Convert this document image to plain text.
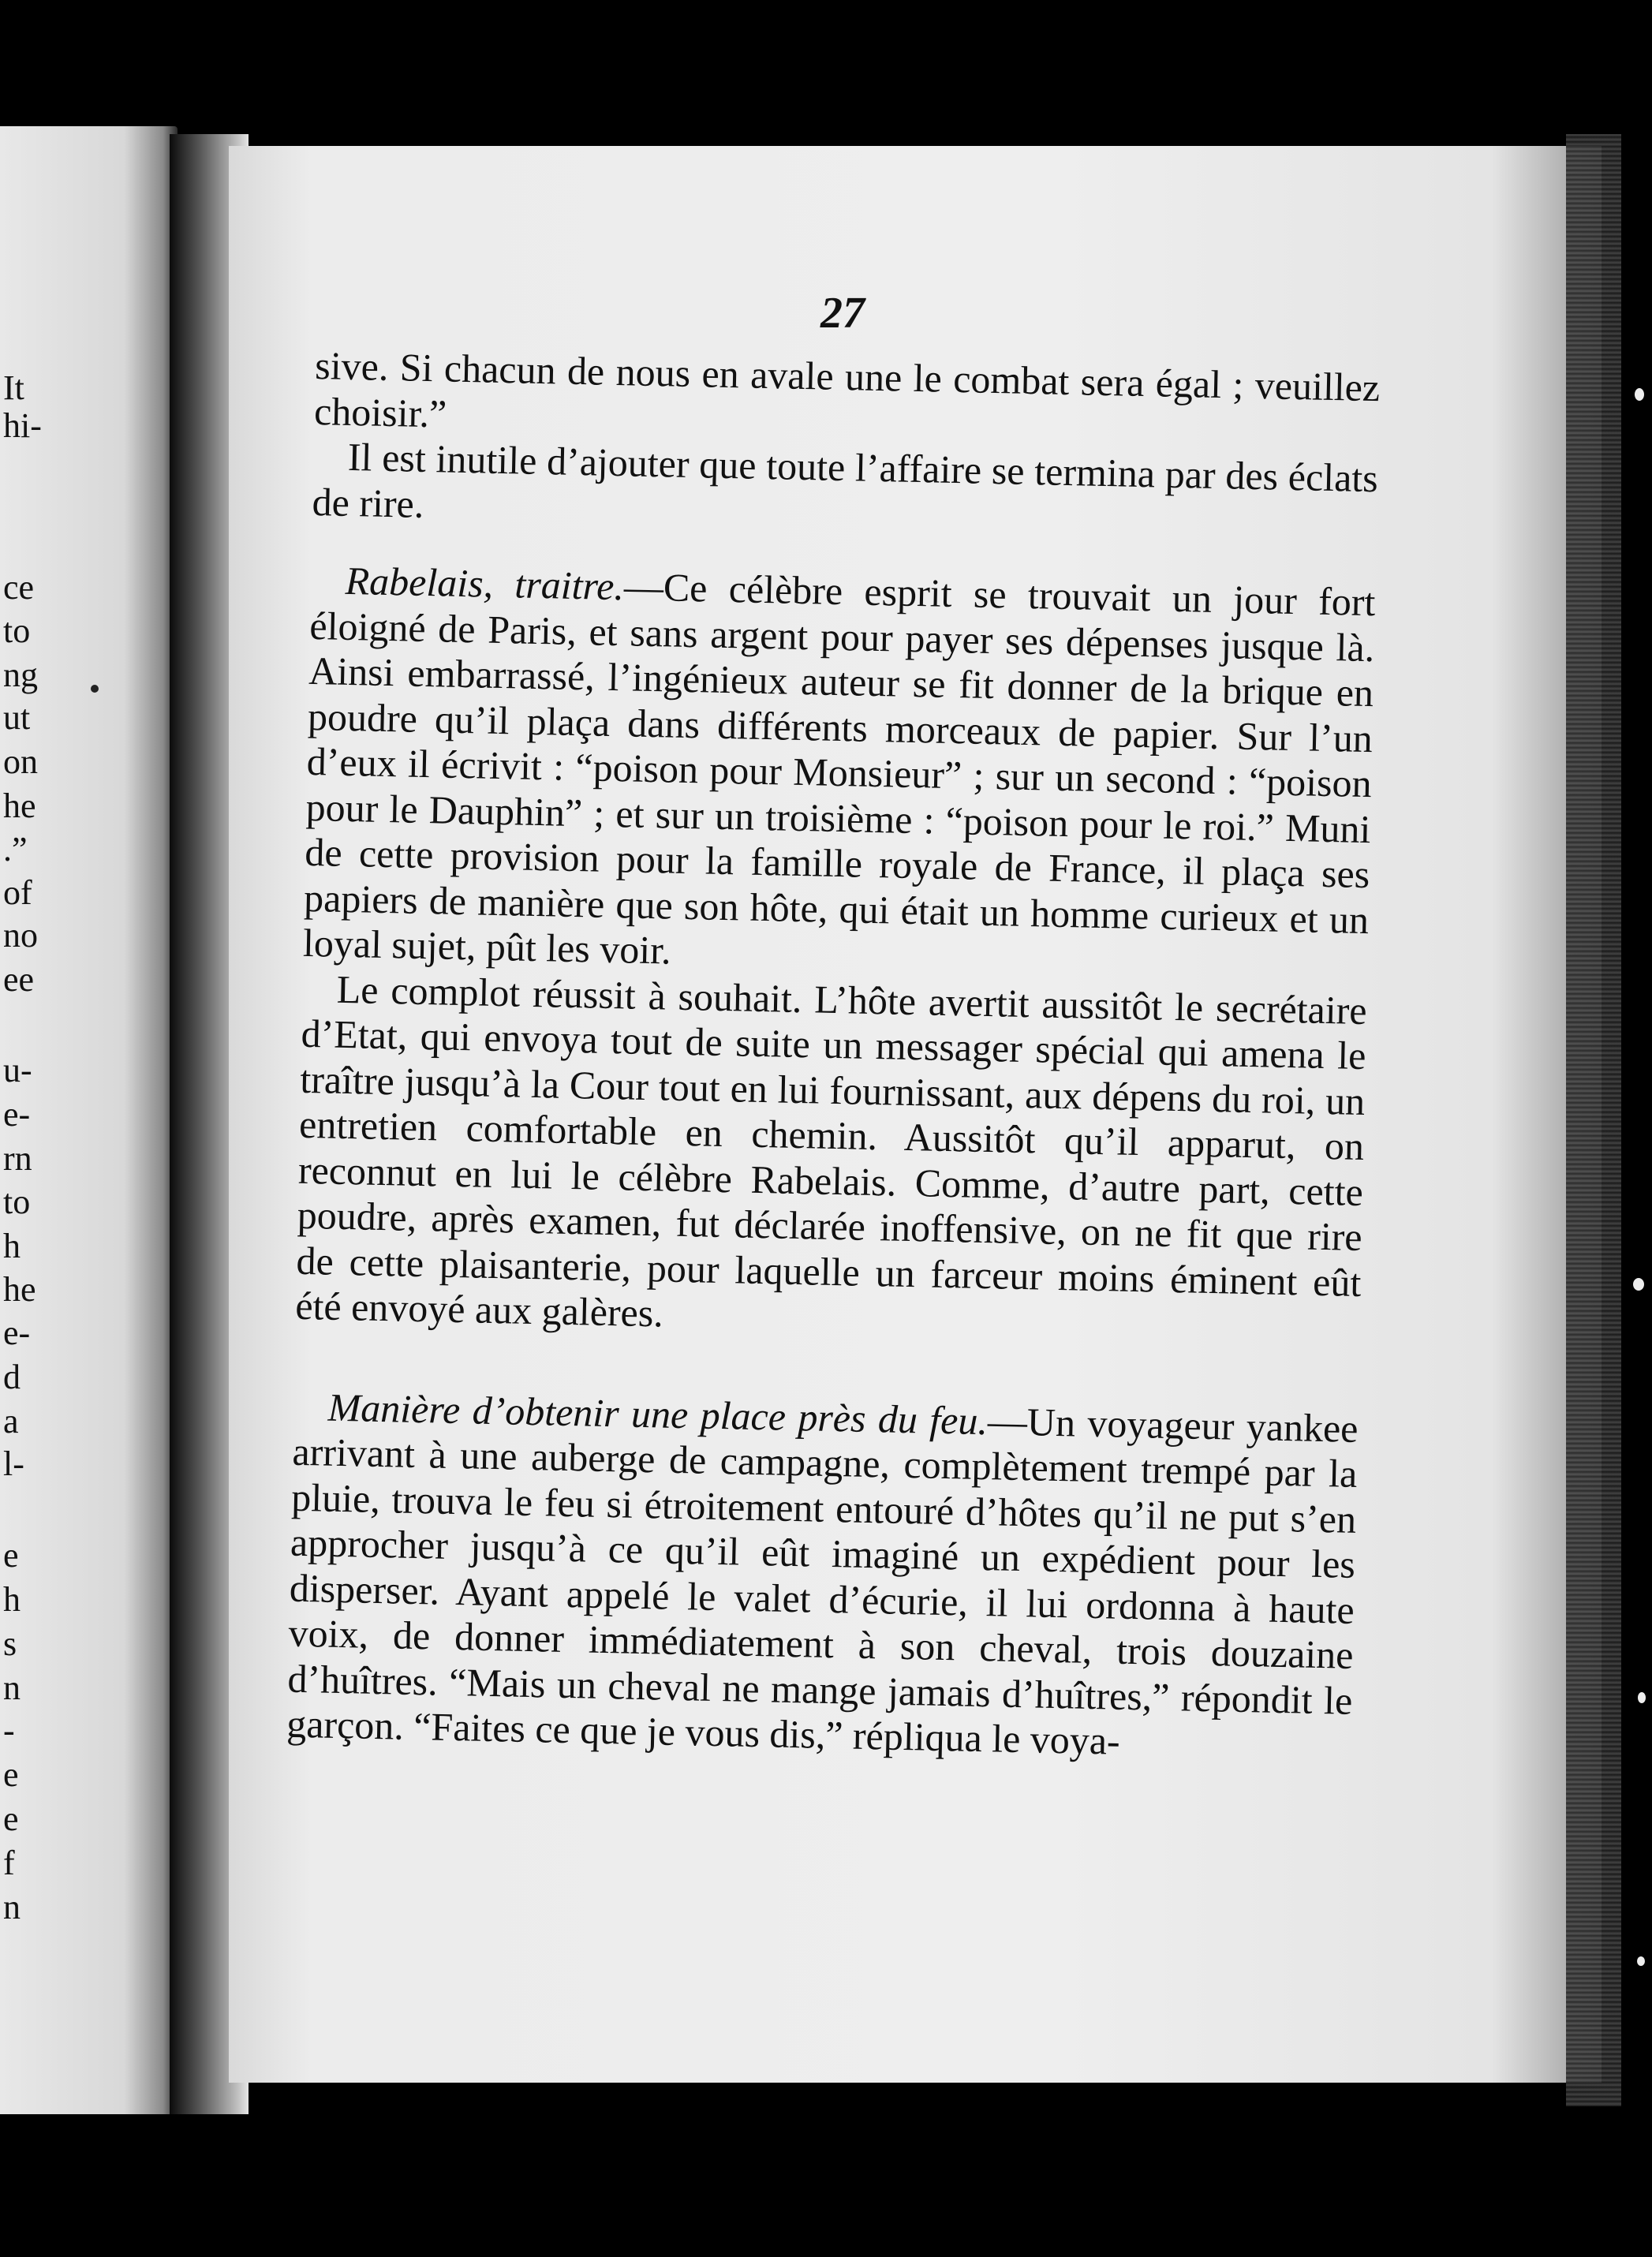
It

hi-

ce

to

ng

ut

on

he

.”

of

no

ee

u-

e-

rn

to

h

he

e-

d

a

l-

e

h

s

n

-

e

e

f

n

27

sive. Si chacun de nous en avale une le combat sera égal ; veuillez choisir.”

Il est inutile d’ajouter que toute l’affaire se termina par des éclats de rire.

Rabelais, traitre.—Ce célèbre esprit se trouvait un jour fort éloigné de Paris, et sans argent pour payer ses dépenses jusque là. Ainsi embarrassé, l’ingénieux auteur se fit donner de la brique en poudre qu’il plaça dans différents morceaux de papier. Sur l’un d’eux il écrivit : “poison pour Monsieur” ; sur un second : “poison pour le Dauphin” ; et sur un troisième : “poison pour le roi.” Muni de cette provision pour la famille royale de France, il plaça ses papiers de manière que son hôte, qui était un homme curieux et un loyal sujet, pût les voir.

Le complot réussit à souhait. L’hôte avertit aussitôt le secrétaire d’Etat, qui envoya tout de suite un messager spécial qui amena le traître jusqu’à la Cour tout en lui fournissant, aux dépens du roi, un entretien comfortable en chemin. Aussitôt qu’il apparut, on reconnut en lui le célèbre Rabelais. Comme, d’autre part, cette poudre, après examen, fut déclarée inoffensive, on ne fit que rire de cette plaisanterie, pour laquelle un farceur moins éminent eût été envoyé aux galères.

Manière d’obtenir une place près du feu.—Un voyageur yankee arrivant à une auberge de campagne, complètement trempé par la pluie, trouva le feu si étroitement entouré d’hôtes qu’il ne put s’en approcher jusqu’à ce qu’il eût imaginé un expédient pour les disperser. Ayant appelé le valet d’écurie, il lui ordonna à haute voix, de donner immédiatement à son cheval, trois douzaine d’huîtres. “Mais un cheval ne mange jamais d’huîtres,” répondit le garçon. “Faites ce que je vous dis,” répliqua le voya-
